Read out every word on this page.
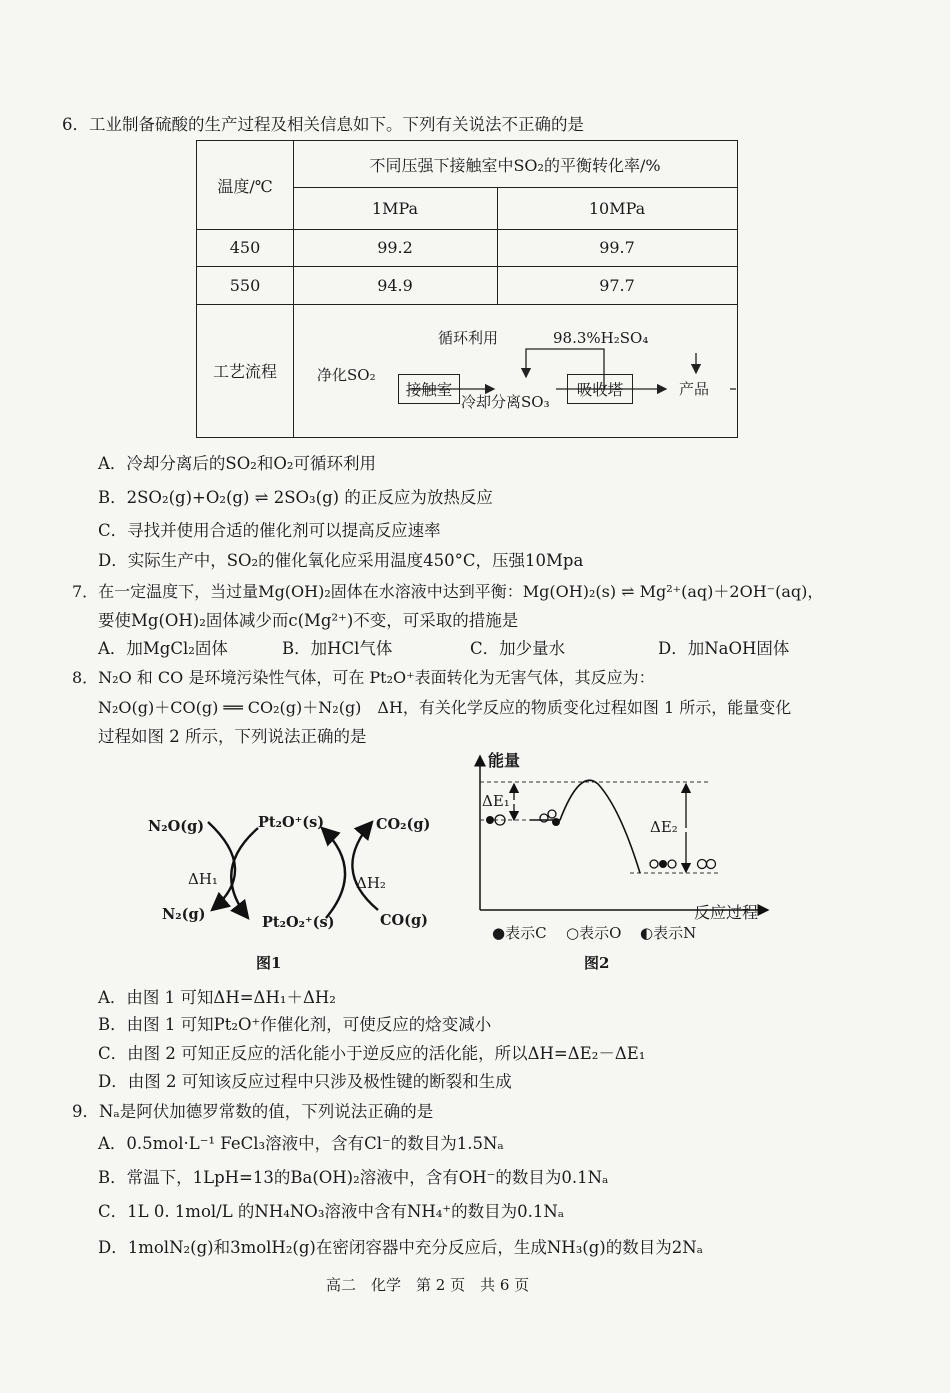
6．工业制备硫酸的生产过程及相关信息如下。下列有关说法不正确的是
温度/℃
不同压强下接触室中SO₂的平衡转化率/%
1MPa	10MPa
450	99.2	99.7
550	94.9	97.7
工艺流程
接触室	吸收塔
净化SO₂
循环利用	98.3%H₂SO₄
冷却分离SO₃
产品
A．冷却分离后的SO₂和O₂可循环利用
B．2SO₂(g)+O₂(g) ⇌ 2SO₃(g) 的正反应为放热反应
C．寻找并使用合适的催化剂可以提高反应速率
D．实际生产中，SO₂的催化氧化应采用温度450°C，压强10Mpa
7．在一定温度下，当过量Mg(OH)₂固体在水溶液中达到平衡：Mg(OH)₂(s) ⇌ Mg²⁺(aq)＋2OH⁻(aq)，
要使Mg(OH)₂固体减少而c(Mg²⁺)不变，可采取的措施是
A．加MgCl₂固体	B．加HCl气体	C．加少量水	D．加NaOH固体
8．N₂O 和 CO 是环境污染性气体，可在 Pt₂O⁺表面转化为无害气体，其反应为：
N₂O(g)＋CO(g) ══ CO₂(g)＋N₂(g)　ΔH，有关化学反应的物质变化过程如图 1 所示，能量变化
过程如图 2 所示，下列说法正确的是
N₂O(g)	Pt₂O⁺(s)	CO₂(g)
ΔH₁	ΔH₂
N₂(g)	Pt₂O₂⁺(s)	CO(g)
图1
能量
ΔE₁
ΔE₂
反应过程
●表示C ○表示O ◐表示N
图2
A．由图 1 可知ΔH=ΔH₁＋ΔH₂
B．由图 1 可知Pt₂O⁺作催化剂，可使反应的焓变减小
C．由图 2 可知正反应的活化能小于逆反应的活化能，所以ΔH=ΔE₂－ΔE₁
D．由图 2 可知该反应过程中只涉及极性键的断裂和生成
9．Nₐ是阿伏加德罗常数的值，下列说法正确的是
A．0.5mol·L⁻¹ FeCl₃溶液中，含有Cl⁻的数目为1.5Nₐ
B．常温下，1LpH=13的Ba(OH)₂溶液中，含有OH⁻的数目为0.1Nₐ
C．1L 0. 1mol/L 的NH₄NO₃溶液中含有NH₄⁺的数目为0.1Nₐ
D．1molN₂(g)和3molH₂(g)在密闭容器中充分反应后，生成NH₃(g)的数目为2Nₐ
高二　化学　第 2 页　共 6 页
